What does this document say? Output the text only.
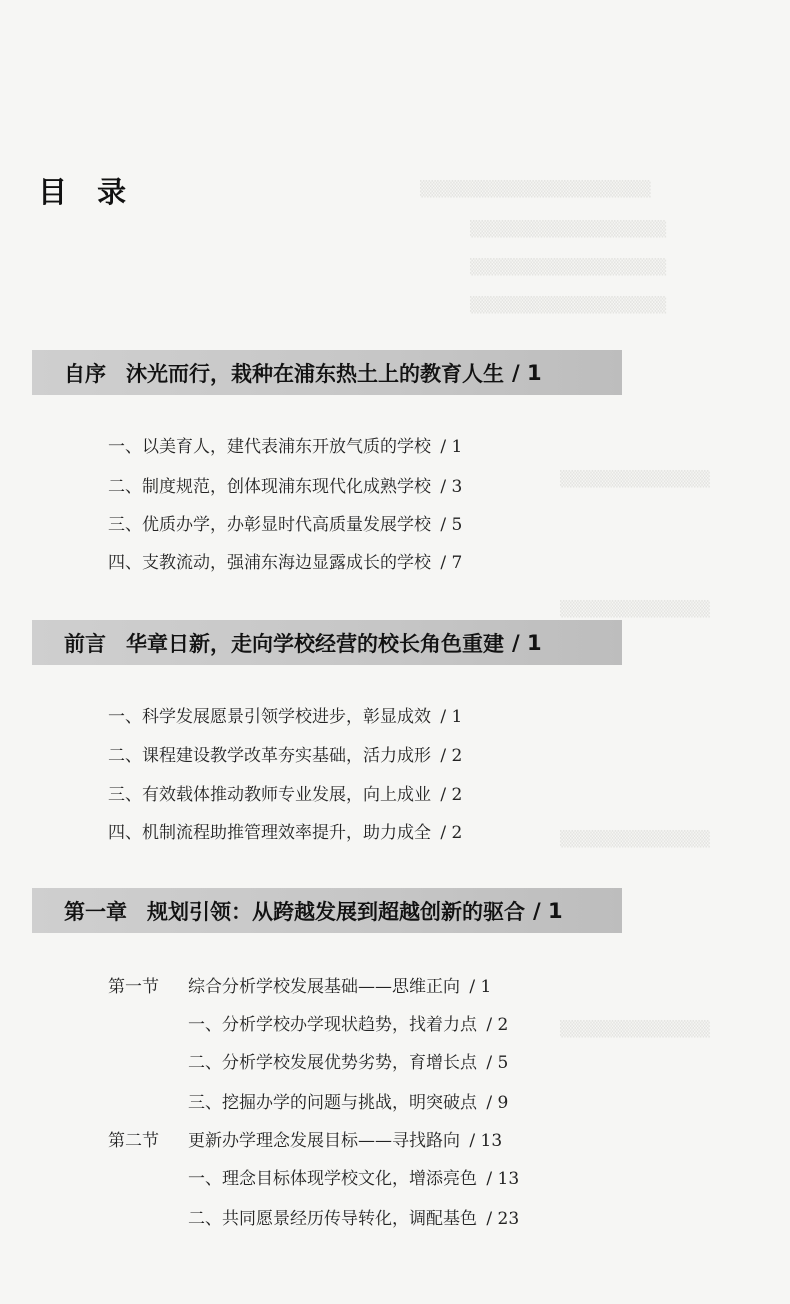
▒▒▒▒▒▒▒▒▒▒▒▒▒▒▒▒▒▒▒▒
▒▒▒▒▒▒▒▒▒▒▒▒▒▒▒▒▒
▒▒▒▒▒▒▒▒▒▒▒▒▒▒▒▒▒
▒▒▒▒▒▒▒▒▒▒▒▒▒▒▒▒▒
▒▒▒▒▒▒▒▒▒▒▒▒▒
▒▒▒▒▒▒▒▒▒▒▒▒▒
▒▒▒▒▒▒▒▒▒▒▒▒▒
▒▒▒▒▒▒▒▒▒▒▒▒▒
目 录
自序 沐光而行，栽种在浦东热土上的教育人生 / 1
一、以美育人，建代表浦东开放气质的学校 / 1
二、制度规范，创体现浦东现代化成熟学校 / 3
三、优质办学，办彰显时代高质量发展学校 / 5
四、支教流动，强浦东海边显露成长的学校 / 7
前言 华章日新，走向学校经营的校长角色重建 / 1
一、科学发展愿景引领学校进步，彰显成效 / 1
二、课程建设教学改革夯实基础，活力成形 / 2
三、有效载体推动教师专业发展，向上成业 / 2
四、机制流程助推管理效率提升，助力成全 / 2
第一章 规划引领：从跨越发展到超越创新的驱合 / 1
第一节 综合分析学校发展基础——思维正向 / 1
一、分析学校办学现状趋势，找着力点 / 2
二、分析学校发展优势劣势，育增长点 / 5
三、挖掘办学的问题与挑战，明突破点 / 9
第二节 更新办学理念发展目标——寻找路向 / 13
一、理念目标体现学校文化，增添亮色 / 13
二、共同愿景经历传导转化，调配基色 / 23
